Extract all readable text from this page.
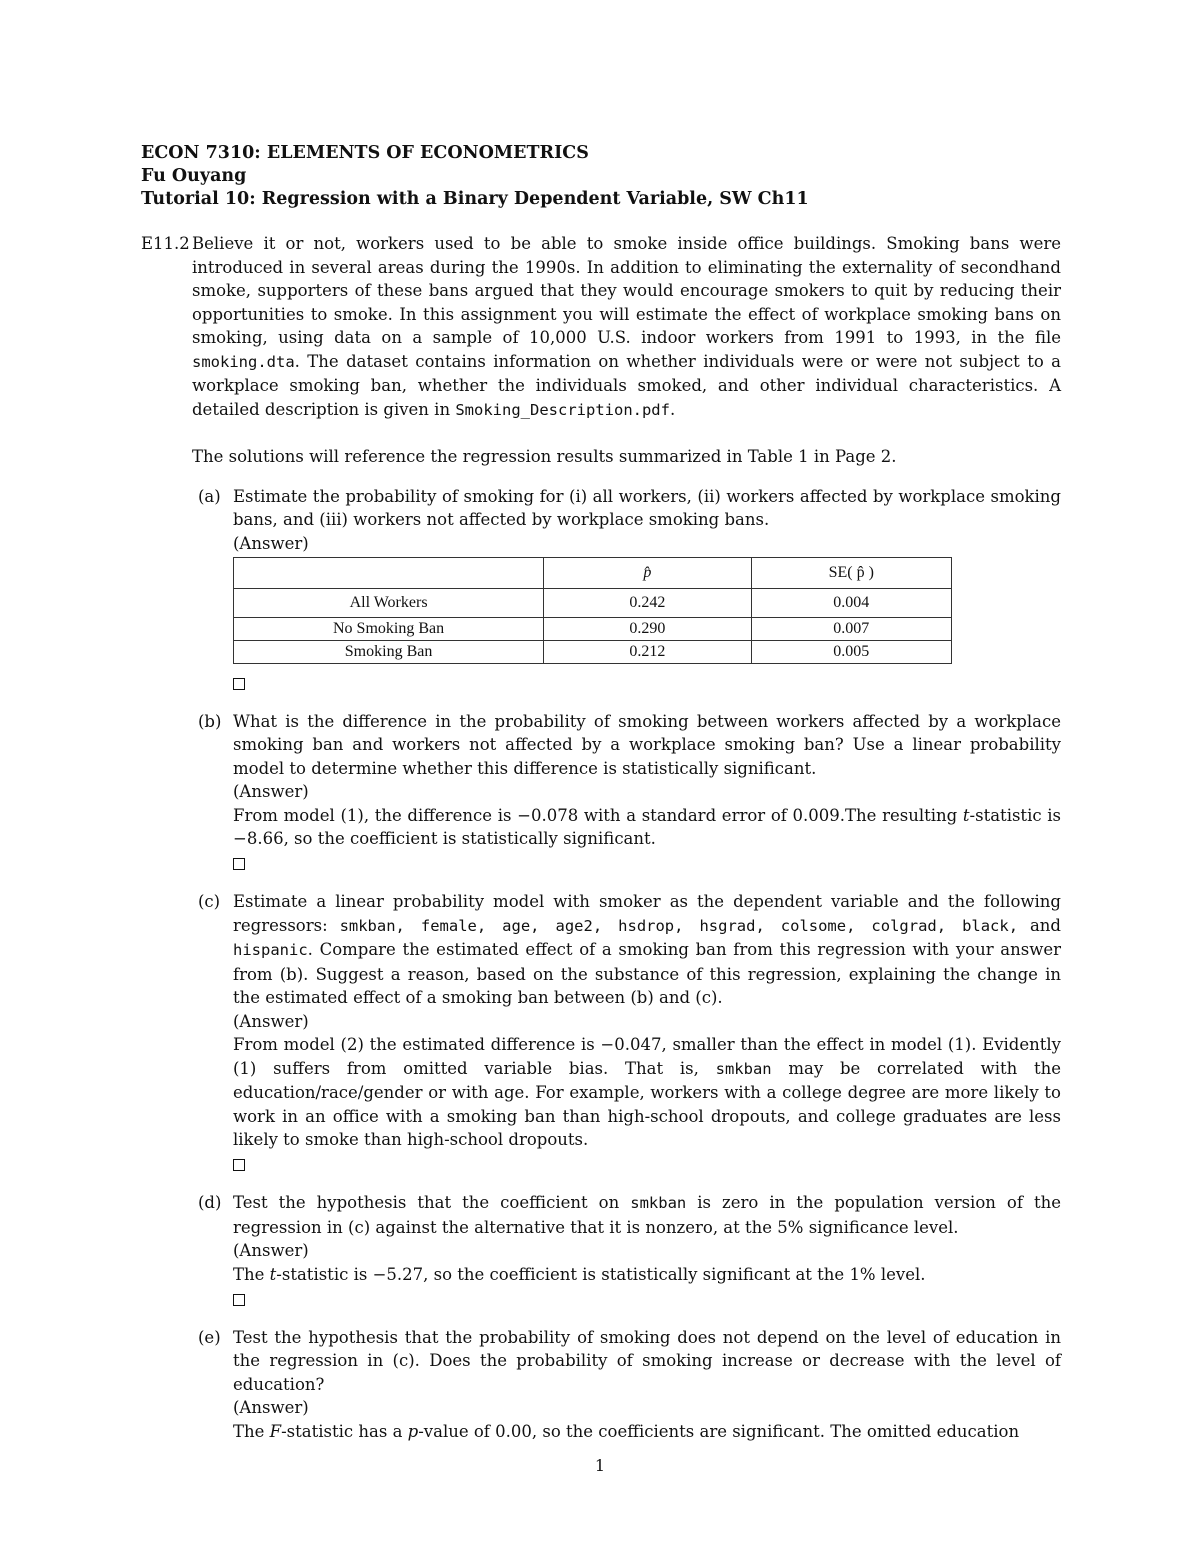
ECON 7310: ELEMENTS OF ECONOMETRICS
Fu Ouyang
Tutorial 10: Regression with a Binary Dependent Variable, SW Ch11
E11.2 Believe it or not, workers used to be able to smoke inside office buildings. Smoking bans were introduced in several areas during the 1990s. In addition to eliminating the externality of secondhand smoke, supporters of these bans argued that they would encourage smokers to quit by reducing their opportunities to smoke. In this assignment you will estimate the effect of workplace smoking bans on smoking, using data on a sample of 10,000 U.S. indoor workers from 1991 to 1993, in the file smoking.dta. The dataset contains information on whether individuals were or were not subject to a workplace smoking ban, whether the individuals smoked, and other individual characteristics. A detailed description is given in Smoking_Description.pdf.

The solutions will reference the regression results summarized in Table 1 in Page 2.

(a) Estimate the probability of smoking for (i) all workers, (ii) workers affected by workplace smoking bans, and (iii) workers not affected by workplace smoking bans.

(Answer)
	p̂	SE( p̂ )
All Workers	0.242	0.004
No Smoking Ban	0.290	0.007
Smoking Ban	0.212	0.005
(b) What is the difference in the probability of smoking between workers affected by a workplace smoking ban and workers not affected by a workplace smoking ban? Use a linear probability model to determine whether this difference is statistically significant.

(Answer)

From model (1), the difference is −0.078 with a standard error of 0.009.The resulting t-statistic is −8.66, so the coefficient is statistically significant.

(c) Estimate a linear probability model with smoker as the dependent variable and the following regressors: smkban, female, age, age2, hsdrop, hsgrad, colsome, colgrad, black, and hispanic. Compare the estimated effect of a smoking ban from this regression with your answer from (b). Suggest a reason, based on the substance of this regression, explaining the change in the estimated effect of a smoking ban between (b) and (c).

(Answer)

From model (2) the estimated difference is −0.047, smaller than the effect in model (1). Evidently (1) suffers from omitted variable bias. That is, smkban may be correlated with the education/race/gender or with age. For example, workers with a college degree are more likely to work in an office with a smoking ban than high-school dropouts, and college graduates are less likely to smoke than high-school dropouts.

(d) Test the hypothesis that the coefficient on smkban is zero in the population version of the regression in (c) against the alternative that it is nonzero, at the 5% significance level.

(Answer)

The t-statistic is −5.27, so the coefficient is statistically significant at the 1% level.

(e) Test the hypothesis that the probability of smoking does not depend on the level of education in the regression in (c). Does the probability of smoking increase or decrease with the level of education?

(Answer)

The F-statistic has a p-value of 0.00, so the coefficients are significant. The omitted education

1
